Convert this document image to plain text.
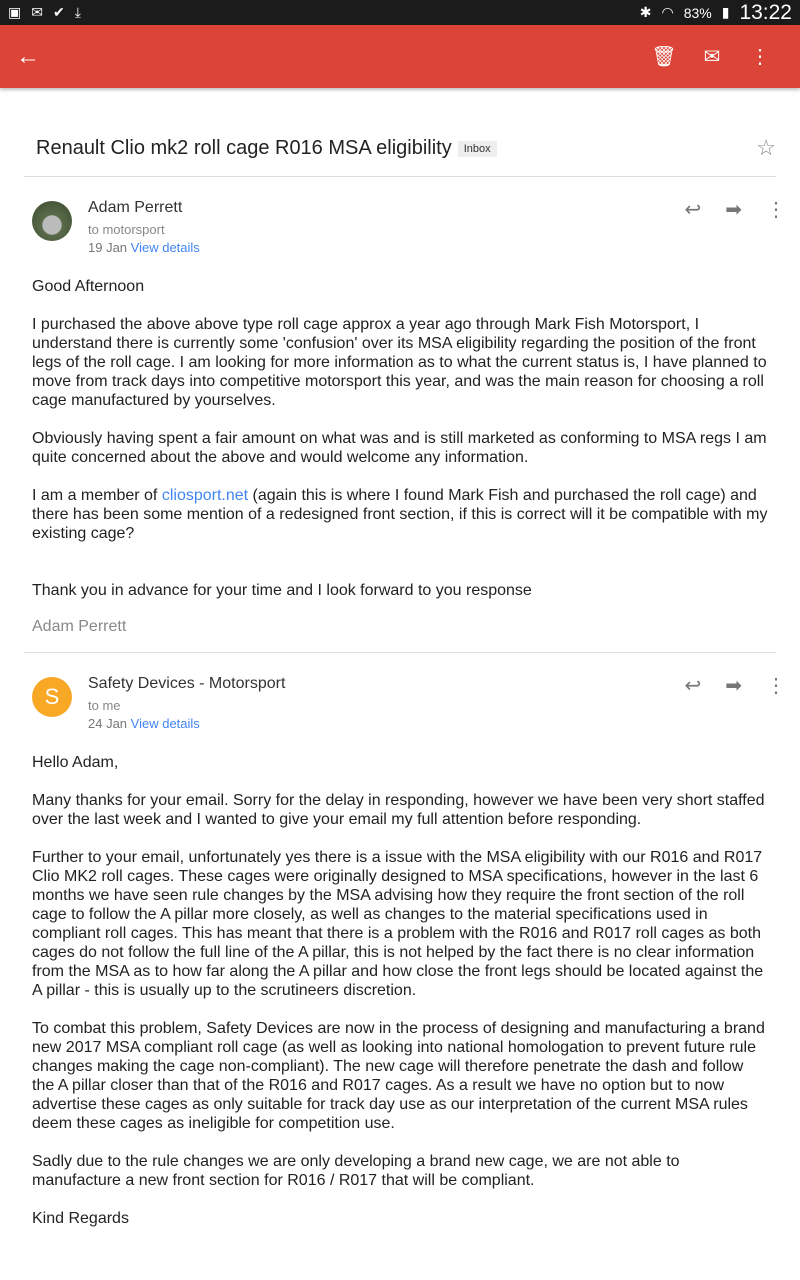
▣ ✉ ✔ ⤓	✱ ◠ 83% ▮ 13:22
←	🗑	✉	⋮
Renault Clio mk2 roll cage R016 MSA eligibility	Inbox	☆
Adam Perrett
to motorsport
19 Jan View details
↩ ➡ ⋮

Good Afternoon

I purchased the above above type roll cage approx a year ago through Mark Fish Motorsport, I understand there is currently some 'confusion' over its MSA eligibility regarding the position of the front legs of the roll cage. I am looking for more information as to what the current status is, I have planned to move from track days into competitive motorsport this year, and was the main reason for choosing a roll cage manufactured by yourselves.

Obviously having spent a fair amount on what was and is still marketed as conforming to MSA regs I am quite concerned about the above and would welcome any information.

I am a member of cliosport.net (again this is where I found Mark Fish and purchased the roll cage) and there has been some mention of a redesigned front section, if this is correct will it be compatible with my existing cage?

Thank you in advance for your time and I look forward to you response

Adam Perrett
S
Safety Devices - Motorsport
to me
24 Jan View details
↩ ➡ ⋮

Hello Adam,

Many thanks for your email. Sorry for the delay in responding, however we have been very short staffed over the last week and I wanted to give your email my full attention before responding.

Further to your email, unfortunately yes there is a issue with the MSA eligibility with our R016 and R017 Clio MK2 roll cages. These cages were originally designed to MSA specifications, however in the last 6 months we have seen rule changes by the MSA advising how they require the front section of the roll cage to follow the A pillar more closely, as well as changes to the material specifications used in compliant roll cages. This has meant that there is a problem with the R016 and R017 roll cages as both cages do not follow the full line of the A pillar, this is not helped by the fact there is no clear information from the MSA as to how far along the A pillar and how close the front legs should be located against the A pillar - this is usually up to the scrutineers discretion.

To combat this problem, Safety Devices are now in the process of designing and manufacturing a brand new 2017 MSA compliant roll cage (as well as looking into national homologation to prevent future rule changes making the cage non-compliant). The new cage will therefore penetrate the dash and follow the A pillar closer than that of the R016 and R017 cages. As a result we have no option but to now advertise these cages as only suitable for track day use as our interpretation of the current MSA rules deem these cages as ineligible for competition use.

Sadly due to the rule changes we are only developing a brand new cage, we are not able to manufacture a new front section for R016 / R017 that will be compliant.

Kind Regards
